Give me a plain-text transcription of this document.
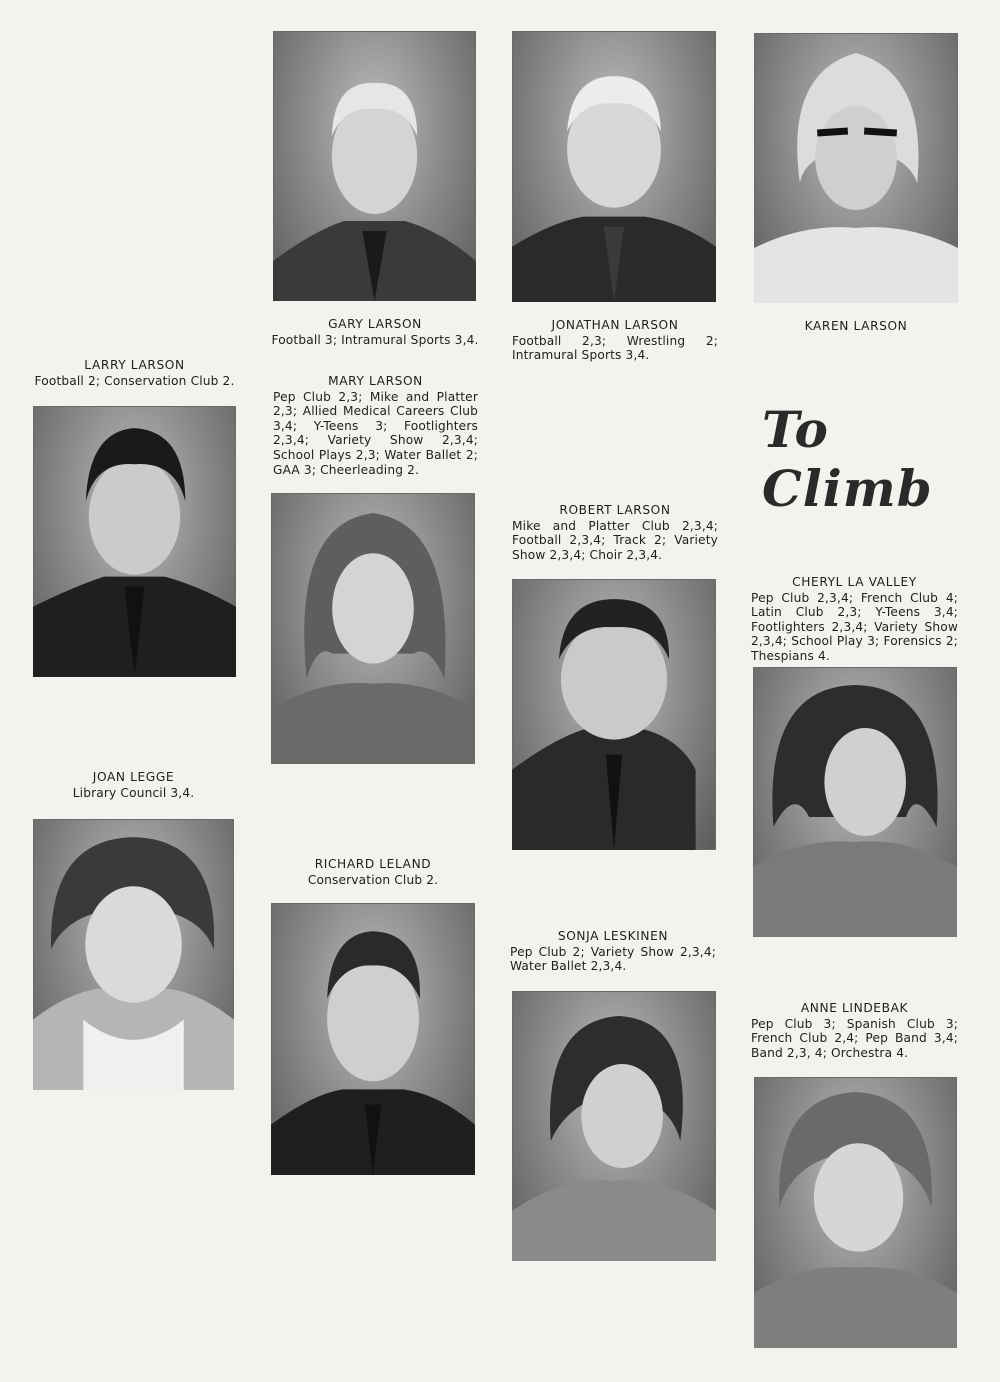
To Climb
GARY LARSON
Football 3; Intramural Sports 3,4.
JONATHAN LARSON
Football 2,3; Wrestling 2; Intramural Sports 3,4.
KAREN LARSON
LARRY LARSON
Football 2; Conservation Club 2.	MARY LARSON
Pep Club 2,3; Mike and Platter 2,3; Allied Medical Careers Club 3,4; Y-Teens 3; Footlighters 2,3,4; Variety Show 2,3,4; School Plays 2,3; Water Ballet 2; GAA 3; Cheerleading 2.
ROBERT LARSON
Mike and Platter Club 2,3,4; Football 2,3,4; Track 2; Variety Show 2,3,4; Choir 2,3,4.
CHERYL LA VALLEY
Pep Club 2,3,4; French Club 4; Latin Club 2,3; Y-Teens 3,4; Footlighters 2,3,4; Variety Show 2,3,4; School Play 3; Forensics 2; Thespians 4.
JOAN LEGGE
Library Council 3,4.
RICHARD LELAND
Conservation Club 2.
SONJA LESKINEN
Pep Club 2; Variety Show 2,3,4; Water Ballet 2,3,4.
ANNE LINDEBAK
Pep Club 3; Spanish Club 3; French Club 2,4; Pep Band 3,4; Band 2,3, 4; Orchestra 4.
